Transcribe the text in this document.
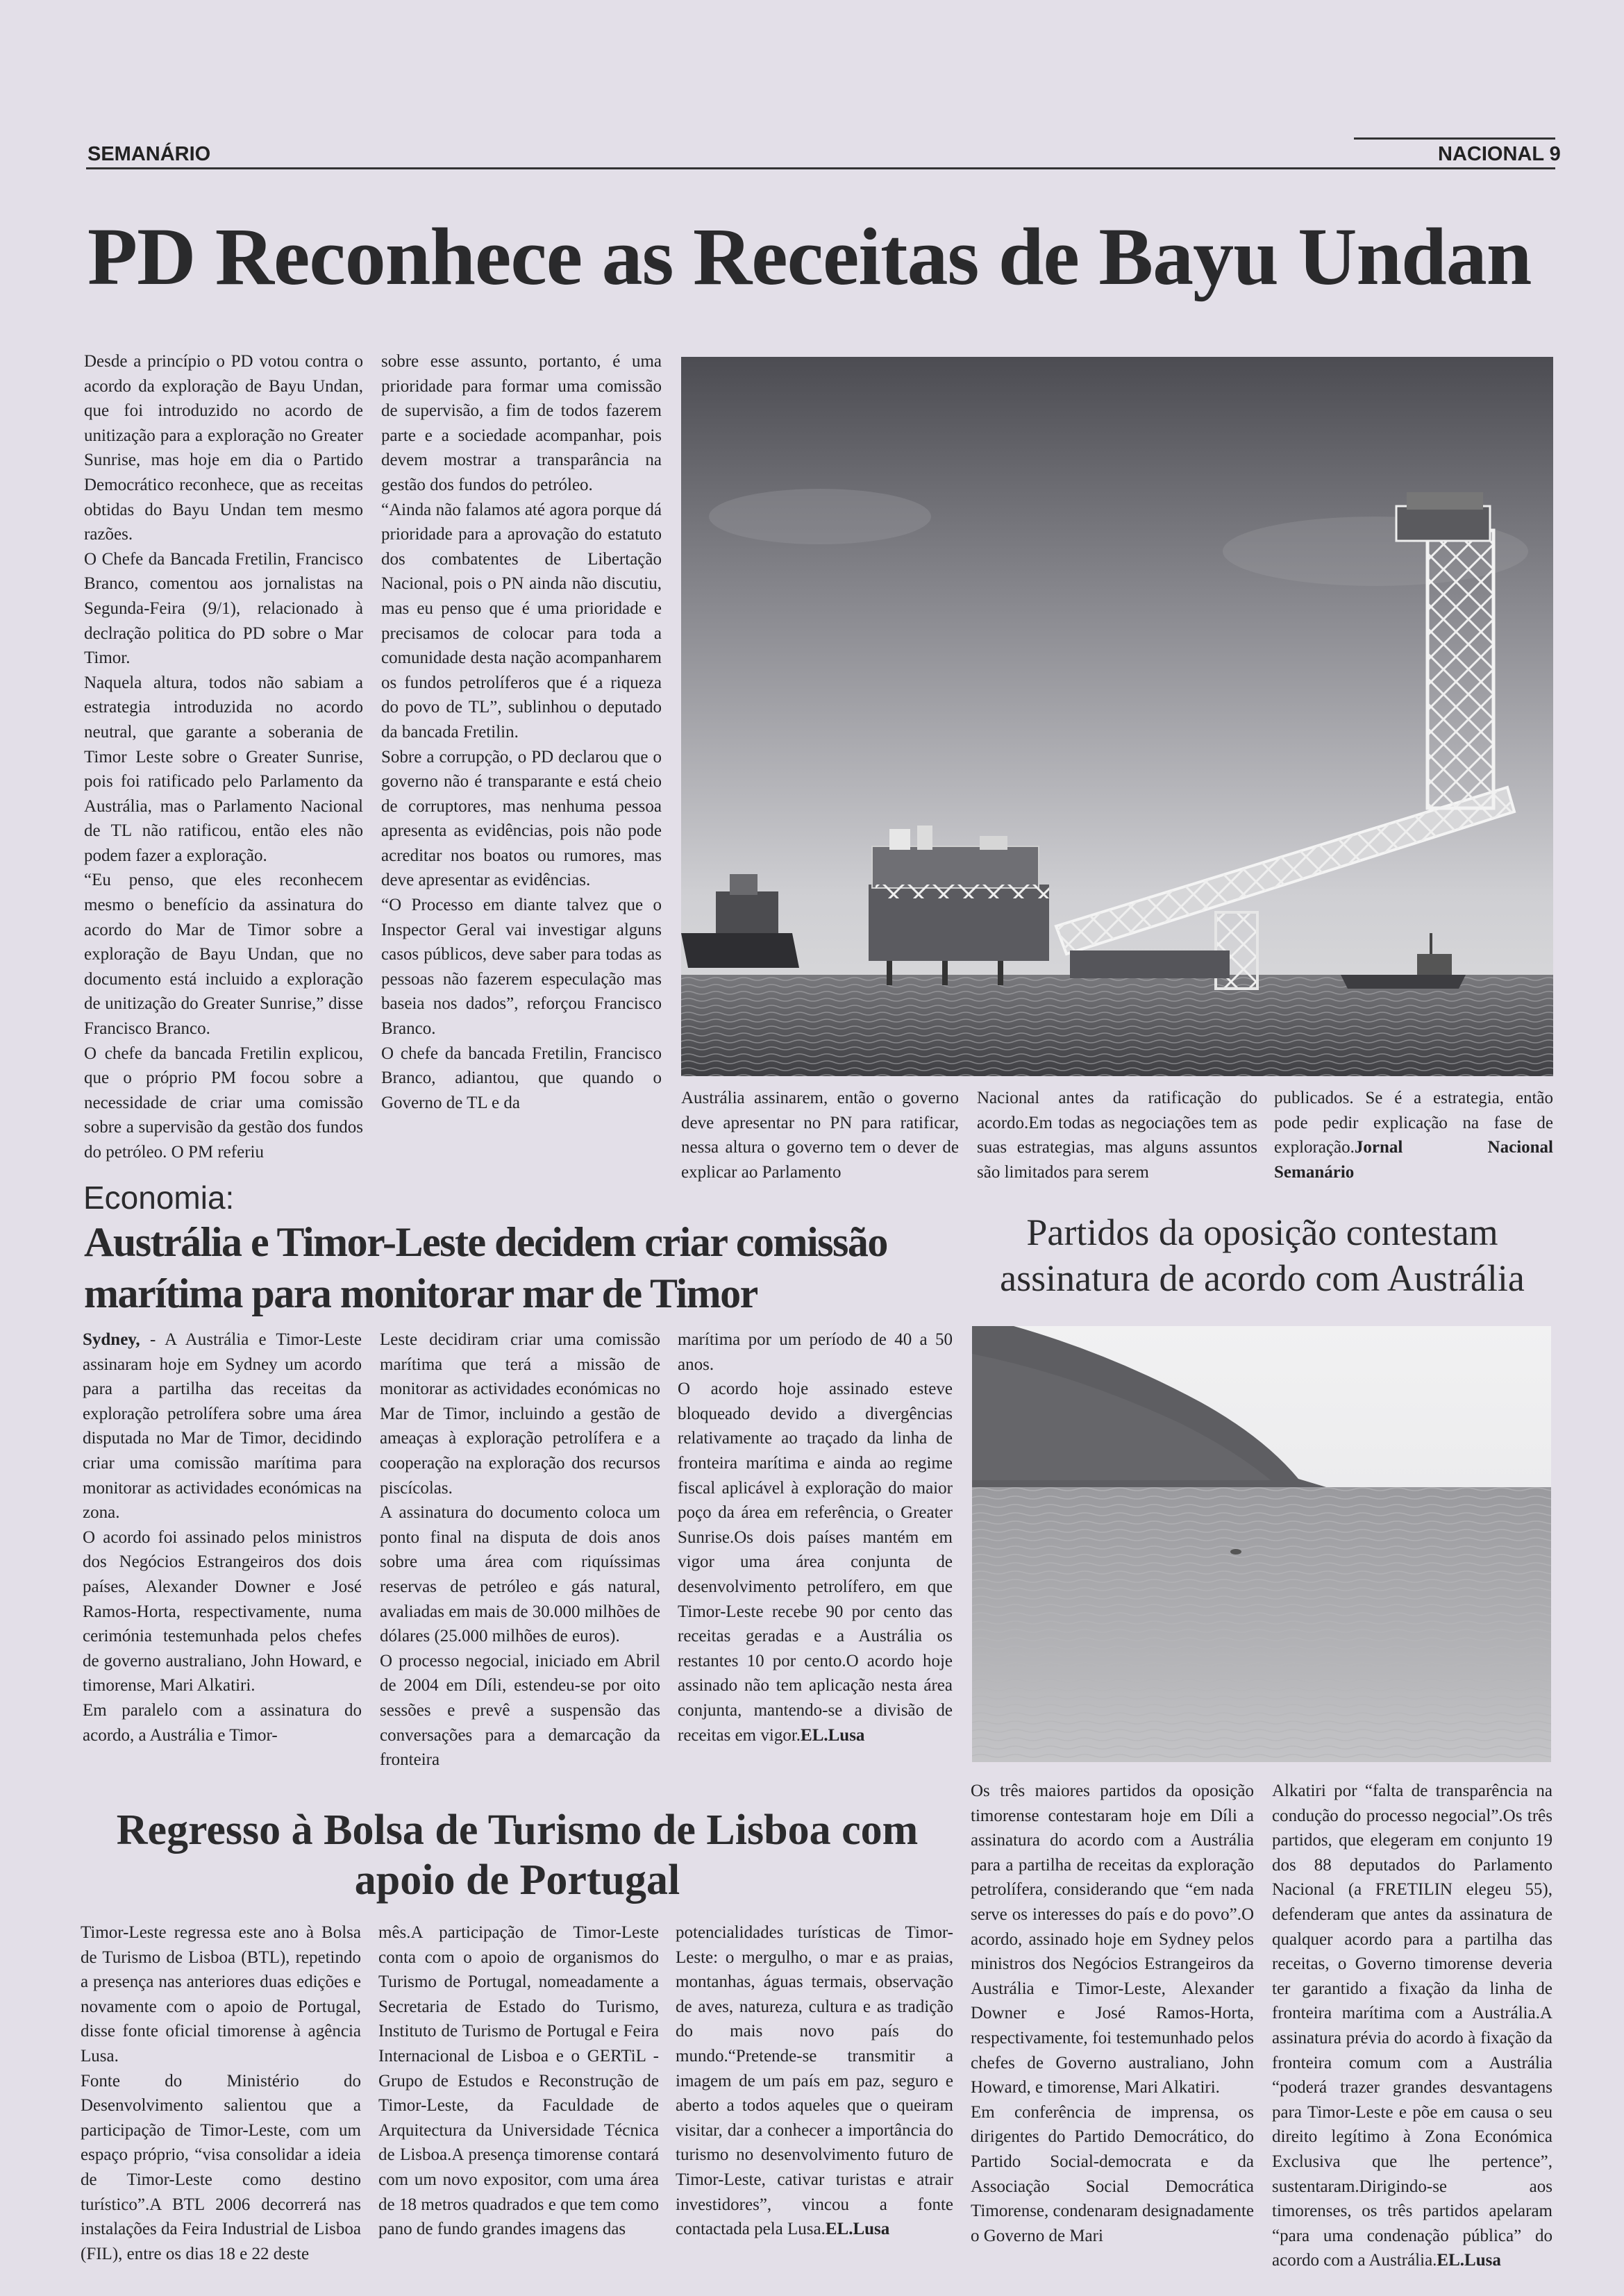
SEMANÁRIO	NACIONAL 9
PD Reconhece as Receitas de Bayu Undan

Desde a princípio o PD votou contra o acordo da exploração de Bayu Undan, que foi introduzido no acordo de unitização para a exploração no Greater Sunrise, mas hoje em dia o Partido Democrático reconhece, que as receitas obtidas do Bayu Undan tem mesmo razões.

O Chefe da Bancada Fretilin, Francisco Branco, comentou aos jornalistas na Segunda-Feira (9/1), relacionado à declração politica do PD sobre o Mar Timor.

Naquela altura, todos não sabiam a estrategia introduzida no acordo neutral, que garante a soberania de Timor Leste sobre o Greater Sunrise, pois foi ratificado pelo Parlamento da Austrália, mas o Parlamento Nacional de TL não ratificou, então eles não podem fazer a exploração.

“Eu penso, que eles reconhecem mesmo o benefício da assinatura do acordo do Mar de Timor sobre a exploração de Bayu Undan, que no documento está incluido a exploração de unitização do Greater Sunrise,” disse Francisco Branco.

O chefe da bancada Fretilin explicou, que o próprio PM focou sobre a necessidade de criar uma comissão sobre a supervisão da gestão dos fundos do petróleo. O PM referiu

sobre esse assunto, portanto, é uma prioridade para formar uma comissão de supervisão, a fim de todos fazerem parte e a sociedade acompanhar, pois devem mostrar a transparância na gestão dos fundos do petróleo.

“Ainda não falamos até agora porque dá prioridade para a aprovação do estatuto dos combatentes de Libertação Nacional, pois o PN ainda não discutiu, mas eu penso que é uma prioridade e precisamos de colocar para toda a comunidade desta nação acompanharem os fundos petrolíferos que é a riqueza do povo de TL”, sublinhou o deputado da bancada Fretilin.

Sobre a corrupção, o PD declarou que o governo não é transparante e está cheio de corruptores, mas nenhuma pessoa apresenta as evidências, pois não pode acreditar nos boatos ou rumores, mas deve apresentar as evidências.

“O Processo em diante talvez que o Inspector Geral vai investigar alguns casos públicos, deve saber para todas as pessoas não fazerem especulação mas baseia nos dados”, reforçou Francisco Branco.

O chefe da bancada Fretilin, Francisco Branco, adiantou, que quando o Governo de TL e da	Austrália assinarem, então o governo deve apresentar no PN para ratificar, nessa altura o governo tem o dever de explicar ao Parlamento

Nacional antes da ratificação do acordo.Em todas as negociações tem as suas estrategias, mas alguns assuntos são limitados para serem

publicados. Se é a estrategia, então pode pedir explicação na fase de exploração.Jornal Nacional Semanário

Economia:
Austrália e Timor-Leste decidem criar comissão
marítima para monitorar mar de Timor

Sydney, - A Austrália e Timor-Leste assinaram hoje em Sydney um acordo para a partilha das receitas da exploração petrolífera sobre uma área disputada no Mar de Timor, decidindo criar uma comissão marítima para monitorar as actividades económicas na zona.

O acordo foi assinado pelos ministros dos Negócios Estrangeiros dos dois países, Alexander Downer e José Ramos-Horta, respectivamente, numa cerimónia testemunhada pelos chefes de governo australiano, John Howard, e timorense, Mari Alkatiri.

Em paralelo com a assinatura do acordo, a Austrália e Timor-

Leste decidiram criar uma comissão marítima que terá a missão de monitorar as actividades económicas no Mar de Timor, incluindo a gestão de ameaças à exploração petrolífera e a cooperação na exploração dos recursos piscícolas.

A assinatura do documento coloca um ponto final na disputa de dois anos sobre uma área com riquíssimas reservas de petróleo e gás natural, avaliadas em mais de 30.000 milhões de dólares (25.000 milhões de euros).

O processo negocial, iniciado em Abril de 2004 em Díli, estendeu-se por oito sessões e prevê a suspensão das conversações para a demarcação da fronteira

marítima por um período de 40 a 50 anos.

O acordo hoje assinado esteve bloqueado devido a divergências relativamente ao traçado da linha de fronteira marítima e ainda ao regime fiscal aplicável à exploração do maior poço da área em referência, o Greater Sunrise.Os dois países mantém em vigor uma área conjunta de desenvolvimento petrolífero, em que Timor-Leste recebe 90 por cento das receitas geradas e a Austrália os restantes 10 por cento.O acordo hoje assinado não tem aplicação nesta área conjunta, mantendo-se a divisão de receitas em vigor.EL.Lusa

Partidos da oposição contestam
assinatura de acordo com Austrália

Os três maiores partidos da oposição timorense contestaram hoje em Díli a assinatura do acordo com a Austrália para a partilha de receitas da exploração petrolífera, considerando que “em nada serve os interesses do país e do povo”.O acordo, assinado hoje em Sydney pelos ministros dos Negócios Estrangeiros da Austrália e Timor-Leste, Alexander Downer e José Ramos-Horta, respectivamente, foi testemunhado pelos chefes de Governo australiano, John Howard, e timorense, Mari Alkatiri.

Em conferência de imprensa, os dirigentes do Partido Democrático, do Partido Social-democrata e da Associação Social Democrática Timorense, condenaram designadamente o Governo de Mari

Alkatiri por “falta de transparência na condução do processo negocial”.Os três partidos, que elegeram em conjunto 19 dos 88 deputados do Parlamento Nacional (a FRETILIN elegeu 55), defenderam que antes da assinatura de qualquer acordo para a partilha das receitas, o Governo timorense deveria ter garantido a fixação da linha de fronteira marítima com a Austrália.A assinatura prévia do acordo à fixação da fronteira comum com a Austrália “poderá trazer grandes desvantagens para Timor-Leste e põe em causa o seu direito legítimo à Zona Económica Exclusiva que lhe pertence”, sustentaram.Dirigindo-se aos timorenses, os três partidos apelaram “para uma condenação pública” do acordo com a Austrália.EL.Lusa

Regresso à Bolsa de Turismo de Lisboa com
apoio de Portugal

Timor-Leste regressa este ano à Bolsa de Turismo de Lisboa (BTL), repetindo a presença nas anteriores duas edições e novamente com o apoio de Portugal, disse fonte oficial timorense à agência Lusa.

Fonte do Ministério do Desenvolvimento salientou que a participação de Timor-Leste, com um espaço próprio, “visa consolidar a ideia de Timor-Leste como destino turístico”.A BTL 2006 decorrerá nas instalações da Feira Industrial de Lisboa (FIL), entre os dias 18 e 22 deste

mês.A participação de Timor-Leste conta com o apoio de organismos do Turismo de Portugal, nomeadamente a Secretaria de Estado do Turismo, Instituto de Turismo de Portugal e Feira Internacional de Lisboa e o GERTiL - Grupo de Estudos e Reconstrução de Timor-Leste, da Faculdade de Arquitectura da Universidade Técnica de Lisboa.A presença timorense contará com um novo expositor, com uma área de 18 metros quadrados e que tem como pano de fundo grandes imagens das

potencialidades turísticas de Timor-Leste: o mergulho, o mar e as praias, montanhas, águas termais, observação de aves, natureza, cultura e as tradição do mais novo país do mundo.“Pretende-se transmitir a imagem de um país em paz, seguro e aberto a todos aqueles que o queiram visitar, dar a conhecer a importância do turismo no desenvolvimento futuro de Timor-Leste, cativar turistas e atrair investidores”, vincou a fonte contactada pela Lusa.EL.Lusa
